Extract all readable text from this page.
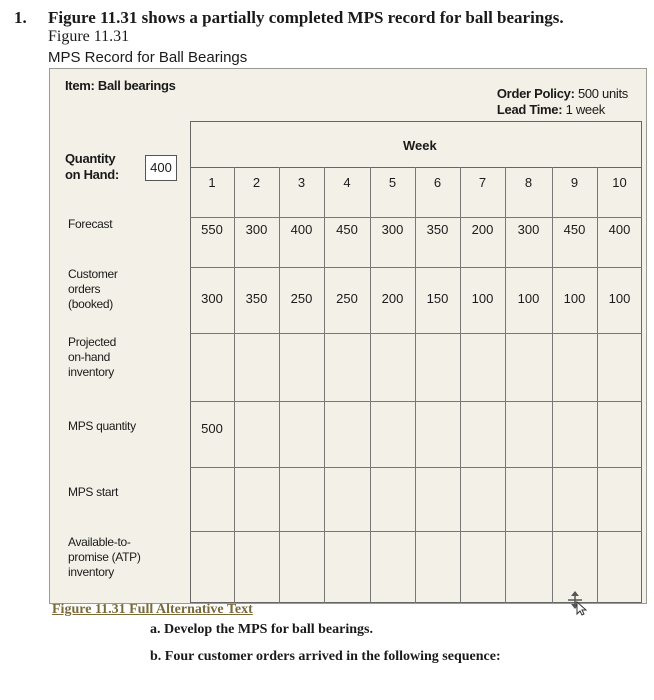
1. Figure 11.31 shows a partially completed MPS record for ball bearings.
Figure 11.31
MPS Record for Ball Bearings
Item: Ball bearings
Order Policy: 500 units
Lead Time: 1 week
Quantity
on Hand:	400
Week
1
550
300
2
300
350
3
400
250
4
450
250
5
300
200
6
350
150
7
200
100
8
300
100
9
450
100
10
400
100
500
Forecast
Customer
orders
(booked)
Projected
on-hand
inventory
MPS quantity
MPS start
Available-to-
promise (ATP)
inventory
Figure 11.31 Full Alternative Text
a. Develop the MPS for ball bearings.
b. Four customer orders arrived in the following sequence:
